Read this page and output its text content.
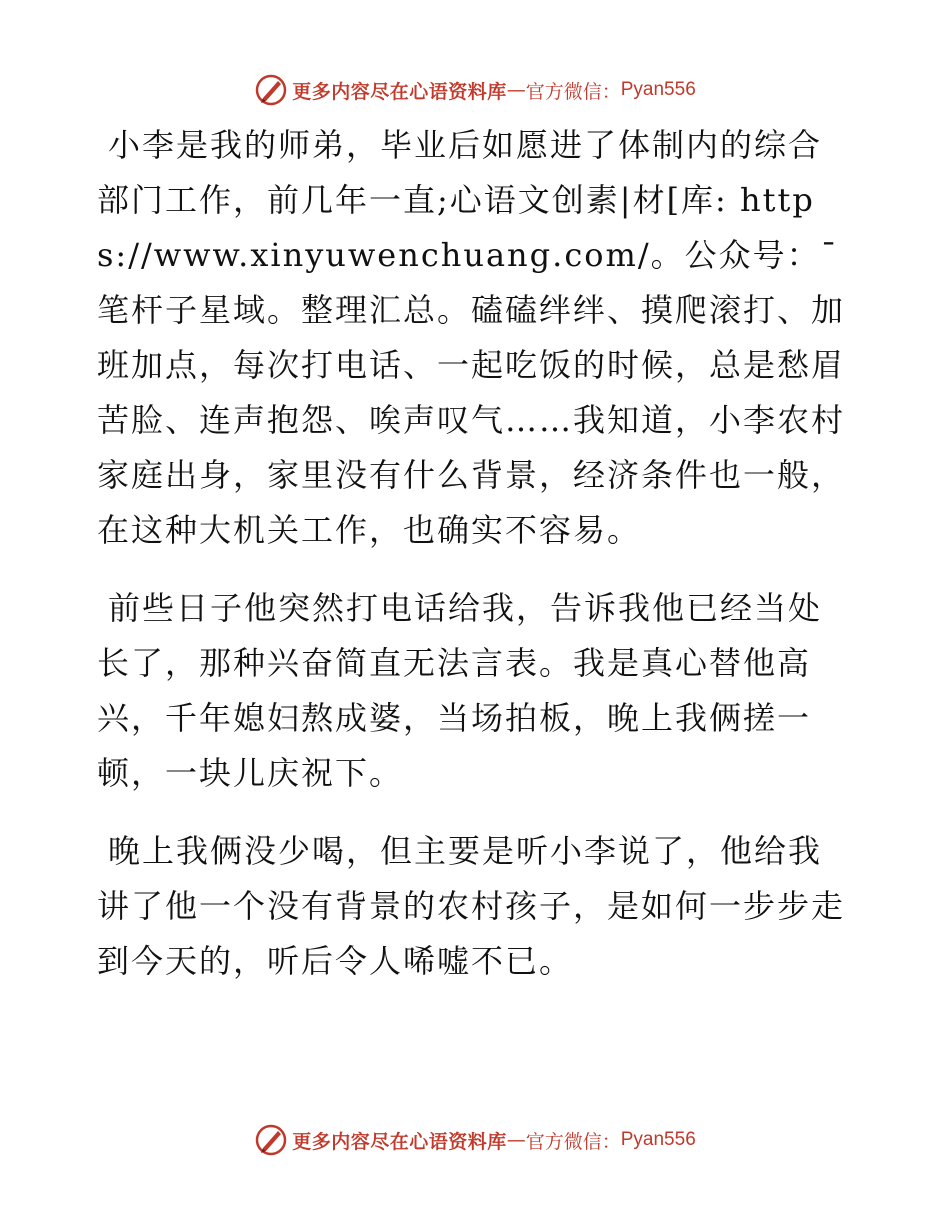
更多内容尽在心语资料库 — 官方微信： Pyan556

小李是我的师弟，毕业后如愿进了体制内的综合部门工作，前几年一直;心语文创素|材[库: https://www.xinyuwenchuang.com/。公众号：¯笔杆子星域。整理汇总。磕磕绊绊、摸爬滚打、加班加点，每次打电话、一起吃饭的时候，总是愁眉苦脸、连声抱怨、唉声叹气……我知道，小李农村家庭出身，家里没有什么背景，经济条件也一般，在这种大机关工作，也确实不容易。

前些日子他突然打电话给我，告诉我他已经当处长了，那种兴奋简直无法言表。我是真心替他高兴，千年媳妇熬成婆，当场拍板，晚上我俩搓一顿，一块儿庆祝下。

晚上我俩没少喝，但主要是听小李说了，他给我讲了他一个没有背景的农村孩子，是如何一步步走到今天的，听后令人唏嘘不已。

更多内容尽在心语资料库 — 官方微信： Pyan556
